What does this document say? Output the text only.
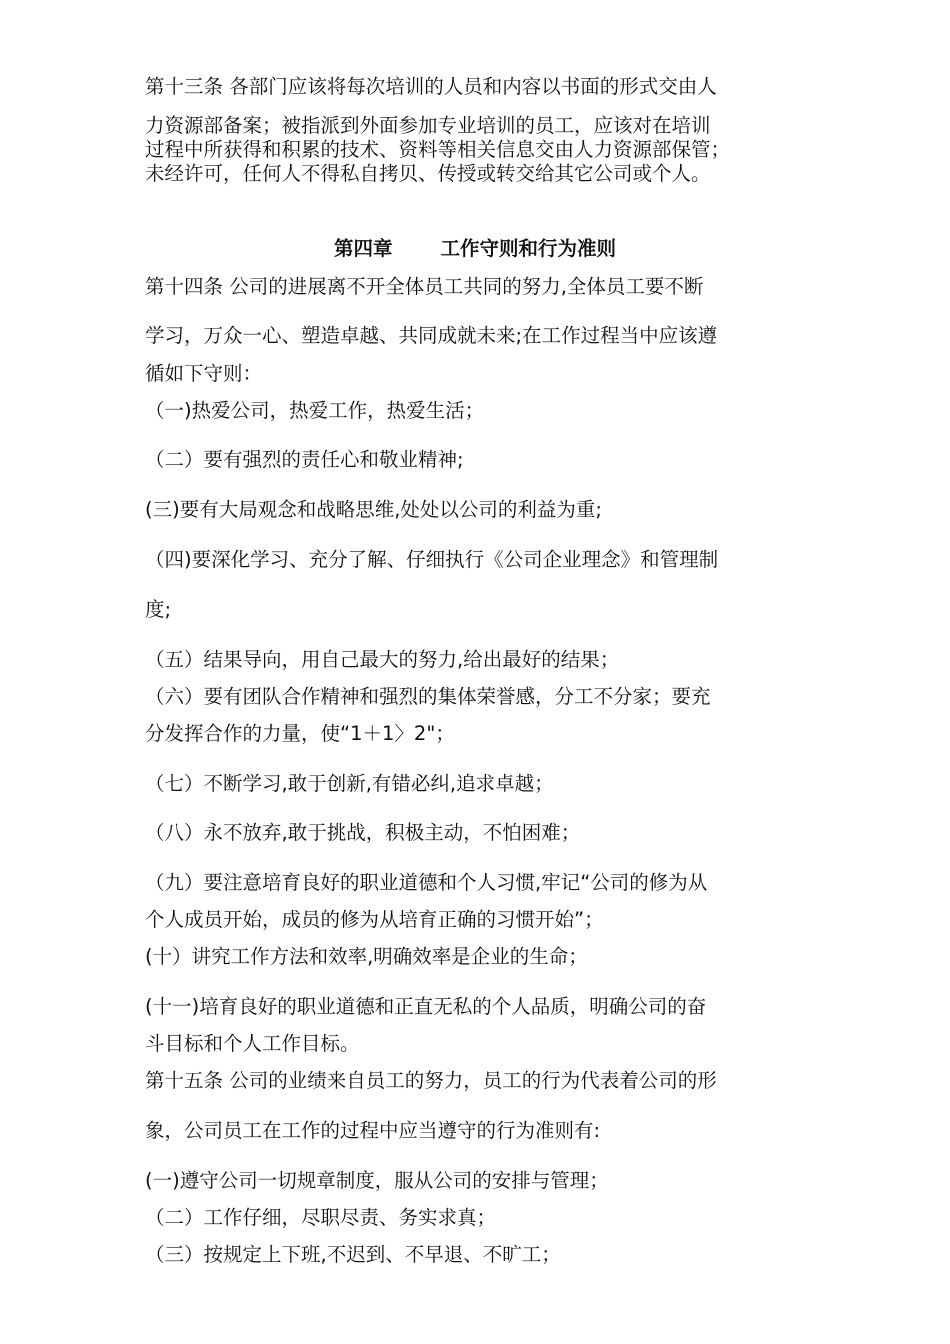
第十三条 各部门应该将每次培训的人员和内容以书面的形式交由人

力资源部备案；被指派到外面参加专业培训的员工，应该对在培训

过程中所获得和积累的技术、资料等相关信息交由人力资源部保管；

未经许可，任何人不得私自拷贝、传授或转交给其它公司或个人。

第四章 工作守则和行为准则

第十四条 公司的进展离不开全体员工共同的努力,全体员工要不断

学习，万众一心、塑造卓越、共同成就未来;在工作过程当中应该遵

循如下守则：

（一)热爱公司，热爱工作，热爱生活；

（二）要有强烈的责任心和敬业精神;

(三)要有大局观念和战略思维,处处以公司的利益为重;

（四)要深化学习、充分了解、仔细执行《公司企业理念》和管理制

度;

（五）结果导向，用自己最大的努力,给出最好的结果；

（六）要有团队合作精神和强烈的集体荣誉感，分工不分家；要充

分发挥合作的力量，使“1＋1〉2"；

（七）不断学习,敢于创新,有错必纠,追求卓越；

（八）永不放弃,敢于挑战，积极主动，不怕困难；

（九）要注意培育良好的职业道德和个人习惯,牢记“公司的修为从

个人成员开始，成员的修为从培育正确的习惯开始”；

(十）讲究工作方法和效率,明确效率是企业的生命；

(十一)培育良好的职业道德和正直无私的个人品质，明确公司的奋

斗目标和个人工作目标。

第十五条 公司的业绩来自员工的努力，员工的行为代表着公司的形

象，公司员工在工作的过程中应当遵守的行为准则有:

(一)遵守公司一切规章制度，服从公司的安排与管理；

（二）工作仔细，尽职尽责、务实求真；

（三）按规定上下班,不迟到、不早退、不旷工；
